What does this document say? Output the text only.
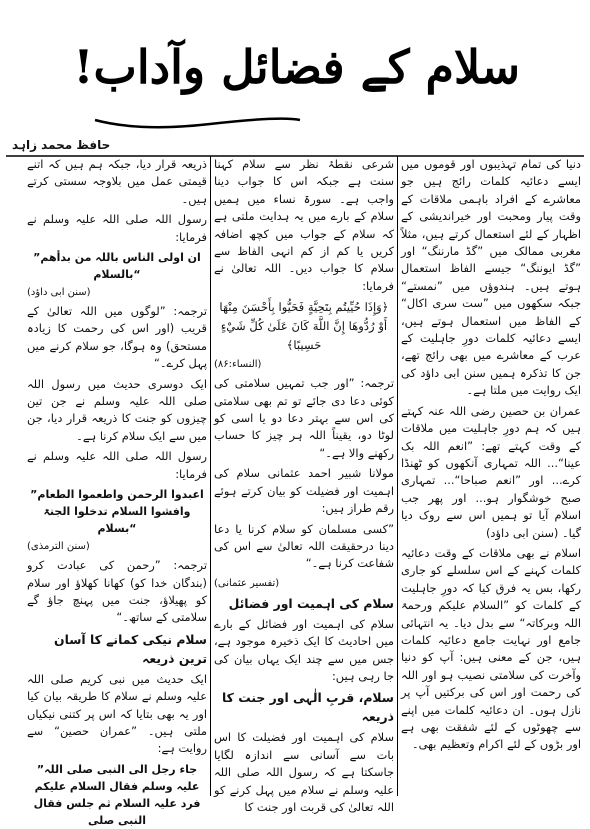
سلام کے فضائل وآداب!
حافظ محمد زاہد

دنیا کی تمام تہذیبوں اور قوموں میں ایسے دعائیہ کلمات رائج ہیں جو معاشرے کے افراد باہمی ملاقات کے وقت پیار ومحبت اور خیراندیشی کے اظہار کے لئے استعمال کرتے ہیں، مثلاً مغربی ممالک میں ”گڈ مارننگ“ اور ”گڈ ایوننگ“ جیسے الفاظ استعمال ہوتے ہیں۔ ہندوؤں میں ”نمستے“ جبکہ سکھوں میں ”ست سری اکال“ کے الفاظ میں استعمال ہوتے ہیں، ایسے دعائیہ کلمات دورِ جاہلیت کے عرب کے معاشرے میں بھی رائج تھے، جن کا تذکرہ ہمیں سنن ابی داؤد کی ایک روایت میں ملتا ہے۔

عمران بن حصین رضی اللہ عنہ کہتے ہیں کہ ہم دورِ جاہلیت میں ملاقات کے وقت کہتے تھے: ”انعم اللہ بک عینا“... اللہ تمہاری آنکھوں کو ٹھنڈا کرے... اور ”انعم صباحا“... تمہاری صبح خوشگوار ہو... اور پھر جب اسلام آیا تو ہمیں اس سے روک دیا گیا۔ (سنن ابی داؤد)

اسلام نے بھی ملاقات کے وقت دعائیہ کلمات کہنے کے اس سلسلے کو جاری رکھا، بس یہ فرق کیا کہ دورِ جاہلیت کے کلمات کو ”السلام علیکم ورحمۃ اللہ وبرکاتہ“ سے بدل دیا۔ یہ انتہائی جامع اور نہایت جامع دعائیہ کلمات ہیں، جن کے معنی ہیں: آپ کو دنیا وآخرت کی سلامتی نصیب ہو اور اللہ کی رحمت اور اس کی برکتیں آپ پر نازل ہوں۔ ان دعائیہ کلمات میں اپنے سے چھوٹوں کے لئے شفقت بھی ہے اور بڑوں کے لئے اکرام وتعظیم بھی۔

شرعی نقطۂ نظر سے سلام کہنا سنت ہے جبکہ اس کا جواب دینا واجب ہے۔ سورۃ نساء میں ہمیں سلام کے بارے میں یہ ہدایت ملتی ہے کہ سلام کے جواب میں کچھ اضافہ کریں یا کم از کم انہی الفاظ سے سلام کا جواب دیں۔ اللہ تعالیٰ نے فرمایا:

﴿وَإِذَا حُيِّيتُم بِتَحِيَّةٍ فَحَيُّوا بِأَحْسَنَ مِنْهَا أَوْ رُدُّوهَا إِنَّ اللَّهَ كَانَ عَلَىٰ كُلِّ شَيْءٍ حَسِيبًا﴾

(النساء:۸۶)

ترجمہ: ”اور جب تمہیں سلامتی کی کوئی دعا دی جائے تو تم بھی سلامتی کی اس سے بہتر دعا دو یا اسی کو لوٹا دو، یقیناً اللہ ہر چیز کا حساب رکھنے والا ہے۔“

مولانا شبیر احمد عثمانی سلام کی اہمیت اور فضیلت کو بیان کرتے ہوئے رقم طراز ہیں:

”کسی مسلمان کو سلام کرنا یا دعا دینا درحقیقت اللہ تعالیٰ سے اس کی شفاعت کرنا ہے۔“

(تفسیر عثمانی)

سلام کی اہمیت اور فضائل

سلام کی اہمیت اور فضائل کے بارے میں احادیث کا ایک ذخیرہ موجود ہے، جس میں سے چند ایک یہاں بیان کی جا رہی ہیں:

سلام، قربِ الٰہی اور جنت کا ذریعہ

سلام کی اہمیت اور فضیلت کا اس بات سے آسانی سے اندازہ لگایا جاسکتا ہے کہ رسول اللہ صلی اللہ علیہ وسلم نے سلام میں پہل کرنے کو اللہ تعالیٰ کی قربت اور جنت کا

ذریعہ قرار دیا، جبکہ ہم ہیں کہ اتنے قیمتی عمل میں بلاوجہ سستی کرتے ہیں۔

رسول اللہ صلی اللہ علیہ وسلم نے فرمایا:

”ان اولی الناس باللہ من بدأھم بالسلام“

(سنن ابی داؤد)

ترجمہ: ”لوگوں میں اللہ تعالیٰ کے قریب (اور اس کی رحمت کا زیادہ مستحق) وہ ہوگا، جو سلام کرنے میں پہل کرے۔“

ایک دوسری حدیث میں رسول اللہ صلی اللہ علیہ وسلم نے جن تین چیزوں کو جنت کا ذریعہ قرار دیا، جن میں سے ایک سلام کرنا ہے۔

رسول اللہ صلی اللہ علیہ وسلم نے فرمایا:

”اعبدوا الرحمن واطعموا الطعام وافشوا السلام تدخلوا الجنۃ بسلام“

(سنن الترمذی)

ترجمہ: ”رحمن کی عبادت کرو (بندگان خدا کو) کھانا کھلاؤ اور سلام کو پھیلاؤ، جنت میں پہنچ جاؤ گے سلامتی کے ساتھ۔“

سلام نیکی کمانے کا آسان ترین ذریعہ

ایک حدیث میں نبی کریم صلی اللہ علیہ وسلم نے سلام کا طریقہ بیان کیا اور یہ بھی بتایا کہ اس پر کتنی نیکیاں ملتی ہیں۔ ”عمران حصین“ سے روایت ہے:

”جاء رجل الی النبی صلی اللہ علیہ وسلم فقال السلام علیکم فرد علیہ السلام ثم جلس فقال النبی صلی
